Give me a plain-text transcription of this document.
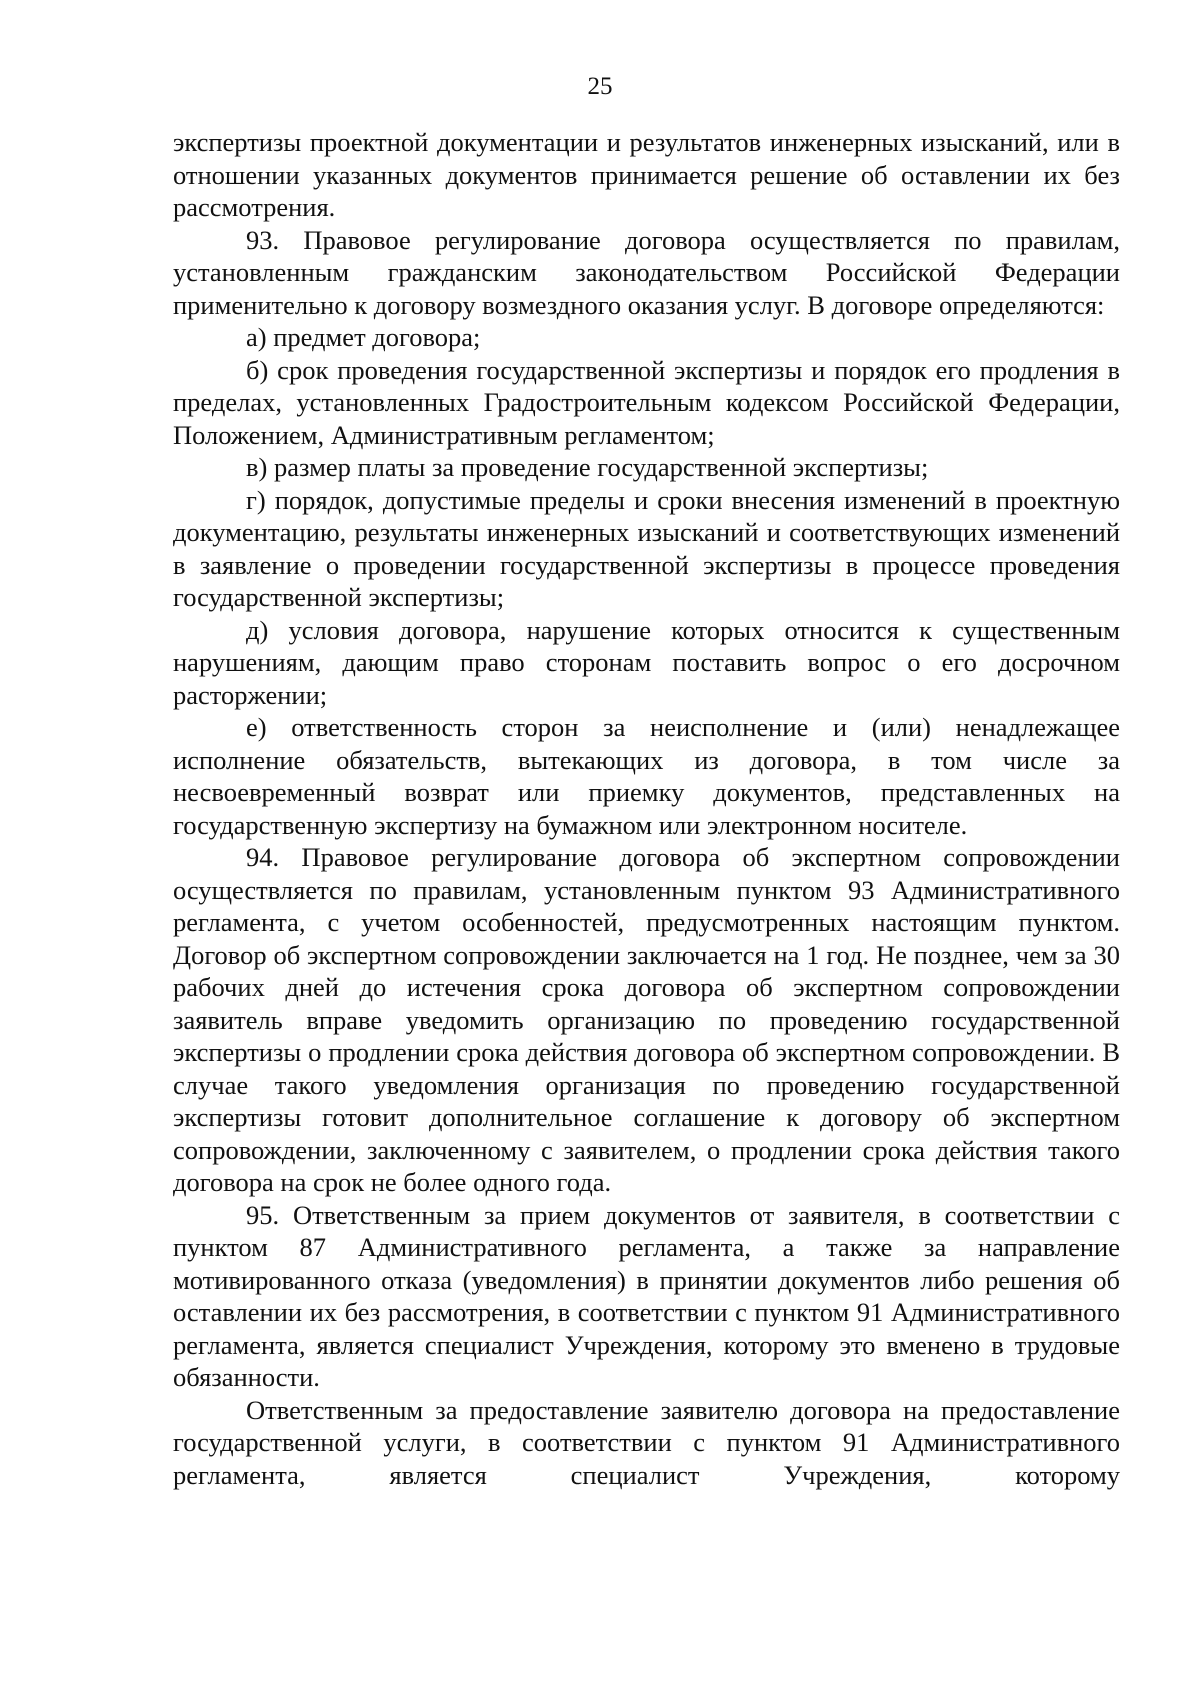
25

экспертизы проектной документации и результатов инженерных изысканий, или в отношении указанных документов принимается решение об оставлении их без рассмотрения.

93. Правовое регулирование договора осуществляется по правилам, установленным гражданским законодательством Российской Федерации применительно к договору возмездного оказания услуг. В договоре определяются:

а) предмет договора;

б) срок проведения государственной экспертизы и порядок его продления в пределах, установленных Градостроительным кодексом Российской Федерации, Положением, Административным регламентом;

в) размер платы за проведение государственной экспертизы;

г) порядок, допустимые пределы и сроки внесения изменений в проектную документацию, результаты инженерных изысканий и соответствующих изменений в заявление о проведении государственной экспертизы в процессе проведения государственной экспертизы;

д) условия договора, нарушение которых относится к существенным нарушениям, дающим право сторонам поставить вопрос о его досрочном расторжении;

е) ответственность сторон за неисполнение и (или) ненадлежащее исполнение обязательств, вытекающих из договора, в том числе за несвоевременный возврат или приемку документов, представленных на государственную экспертизу на бумажном или электронном носителе.

94. Правовое регулирование договора об экспертном сопровождении осуществляется по правилам, установленным пунктом 93 Административного регламента, с учетом особенностей, предусмотренных настоящим пунктом. Договор об экспертном сопровождении заключается на 1 год. Не позднее, чем за 30 рабочих дней до истечения срока договора об экспертном сопровождении заявитель вправе уведомить организацию по проведению государственной экспертизы о продлении срока действия договора об экспертном сопровождении. В случае такого уведомления организация по проведению государственной экспертизы готовит дополнительное соглашение к договору об экспертном сопровождении, заключенному с заявителем, о продлении срока действия такого договора на срок не более одного года.

95. Ответственным за прием документов от заявителя, в соответствии с пунктом 87 Административного регламента, а также за направление мотивированного отказа (уведомления) в принятии документов либо решения об оставлении их без рассмотрения, в соответствии с пунктом 91 Административного регламента, является специалист Учреждения, которому это вменено в трудовые обязанности.

Ответственным за предоставление заявителю договора на предоставление государственной услуги, в соответствии с пунктом 91 Административного регламента, является специалист Учреждения, которому
